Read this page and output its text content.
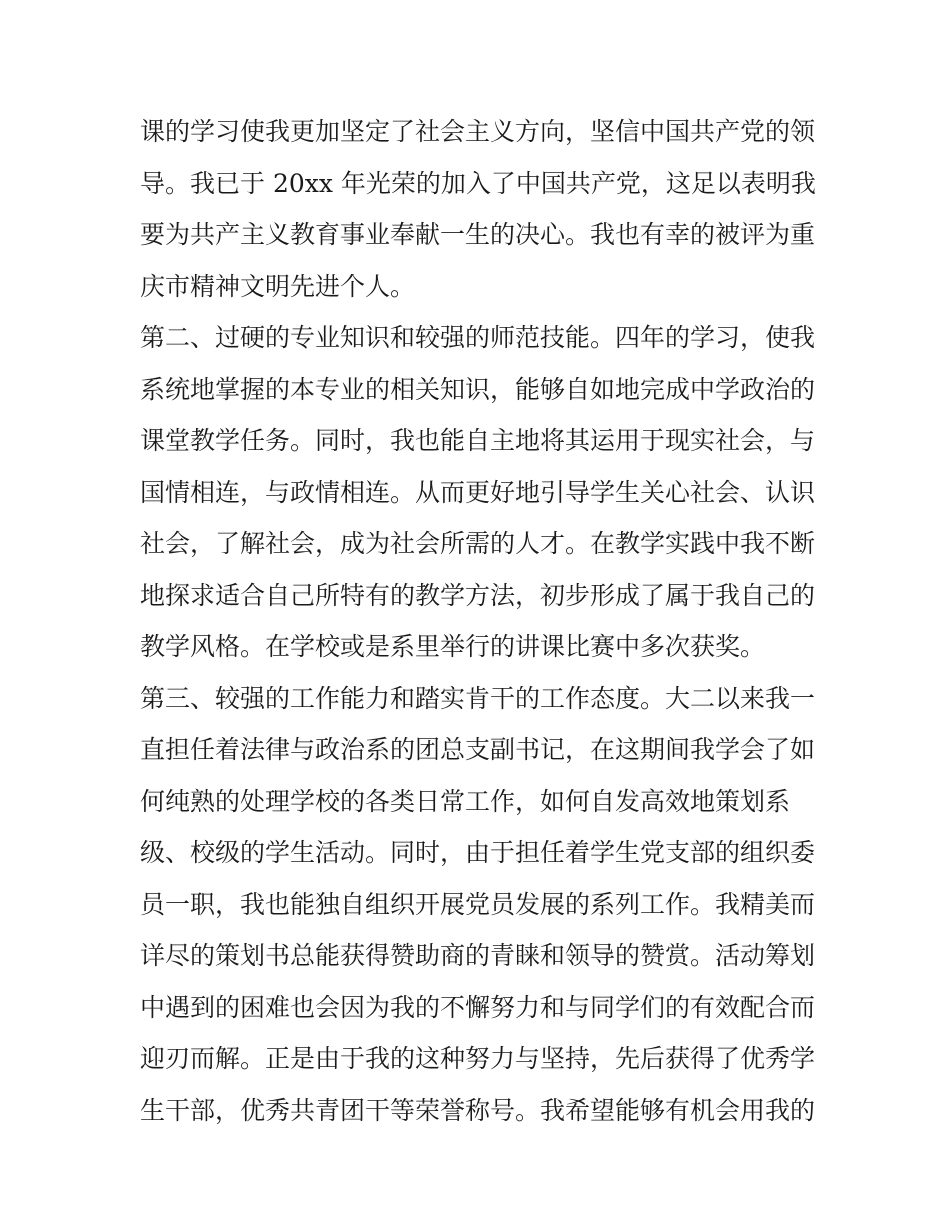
课的学习使我更加坚定了社会主义方向，坚信中国共产党的领
导。我已于 20xx 年光荣的加入了中国共产党，这足以表明我
要为共产主义教育事业奉献一生的决心。我也有幸的被评为重
庆市精神文明先进个人。
第二、过硬的专业知识和较强的师范技能。四年的学习，使我
系统地掌握的本专业的相关知识，能够自如地完成中学政治的
课堂教学任务。同时，我也能自主地将其运用于现实社会，与
国情相连，与政情相连。从而更好地引导学生关心社会、认识
社会，了解社会，成为社会所需的人才。在教学实践中我不断
地探求适合自己所特有的教学方法，初步形成了属于我自己的
教学风格。在学校或是系里举行的讲课比赛中多次获奖。
第三、较强的工作能力和踏实肯干的工作态度。大二以来我一
直担任着法律与政治系的团总支副书记，在这期间我学会了如
何纯熟的处理学校的各类日常工作，如何自发高效地策划系
级、校级的学生活动。同时，由于担任着学生党支部的组织委
员一职，我也能独自组织开展党员发展的系列工作。我精美而
详尽的策划书总能获得赞助商的青睐和领导的赞赏。活动筹划
中遇到的困难也会因为我的不懈努力和与同学们的有效配合而
迎刃而解。正是由于我的这种努力与坚持，先后获得了优秀学
生干部，优秀共青团干等荣誉称号。我希望能够有机会用我的
